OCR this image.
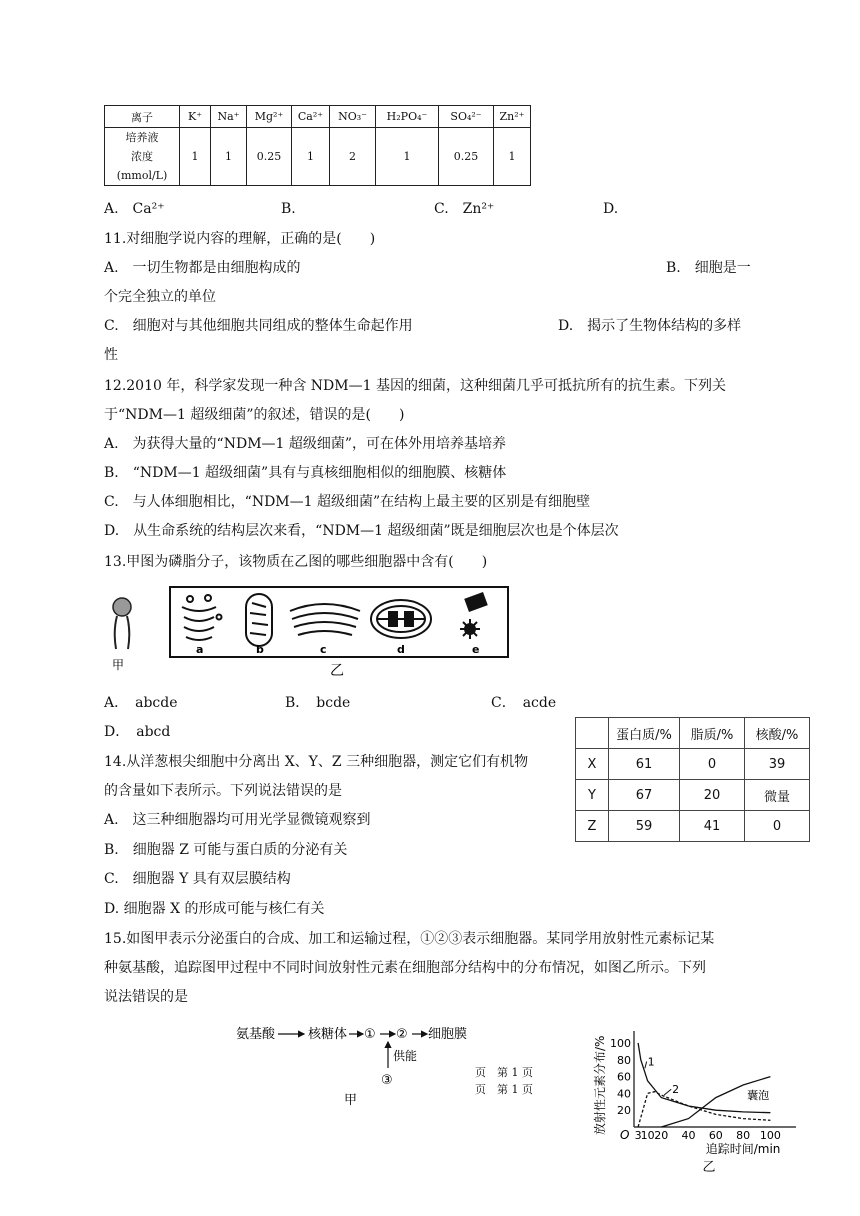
离子	K⁺	Na⁺	Mg²⁺	Ca²⁺	NO₃⁻	H₂PO₄⁻	SO₄²⁻	Zn²⁺

培养液
浓度
(mmol/L)	1	1	0.25	1	2	1	0.25	1
A.　Ca²⁺	B.	C.　Zn²⁺	D.
11.对细胞学说内容的理解，正确的是(　　)
A.　一切生物都是由细胞构成的	B.　细胞是一
个完全独立的单位
C.　细胞对与其他细胞共同组成的整体生命起作用	D.　揭示了生物体结构的多样
性
12.2010 年，科学家发现一种含 NDM—1 基因的细菌，这种细菌几乎可抵抗所有的抗生素。下列关
于“NDM—1 超级细菌”的叙述，错误的是(　　)
A.　为获得大量的“NDM—1 超级细菌”，可在体外用培养基培养
B.　“NDM—1 超级细菌”具有与真核细胞相似的细胞膜、核糖体
C.　与人体细胞相比，“NDM—1 超级细菌”在结构上最主要的区别是有细胞壁
D.　从生命系统的结构层次来看，“NDM—1 超级细菌”既是细胞层次也是个体层次
13.甲图为磷脂分子，该物质在乙图的哪些细胞器中含有(　　)
甲
a	b	c	d	e
乙
A．　abcde	B．　bcde	C．　acde
D．　abcd
		蛋白质/%	脂质/%	核酸/%
X	61	0	39
Y	67	20	微量
Z	59	41	0
14.从洋葱根尖细胞中分离出 X、Y、Z 三种细胞器，测定它们有机物
的含量如下表所示。下列说法错误的是
A.　这三种细胞器均可用光学显微镜观察到
B.　细胞器 Z 可能与蛋白质的分泌有关
C.　细胞器 Y 具有双层膜结构
D. 细胞器 X 的形成可能与核仁有关
15.如图甲表示分泌蛋白的合成、加工和运输过程，①②③表示细胞器。某同学用放射性元素标记某
种氨基酸，追踪图甲过程中不同时间放射性元素在细胞部分结构中的分布情况，如图乙所示。下列
说法错误的是
氨基酸	核糖体 ① ② 细胞膜
供能
③
甲
页　第 1 页
页　第 1 页	放射性元素分布/%
追踪时间/min
O
乙
3 10 20 40 60 80 100
20
40
60
80
100
1
2	囊泡
